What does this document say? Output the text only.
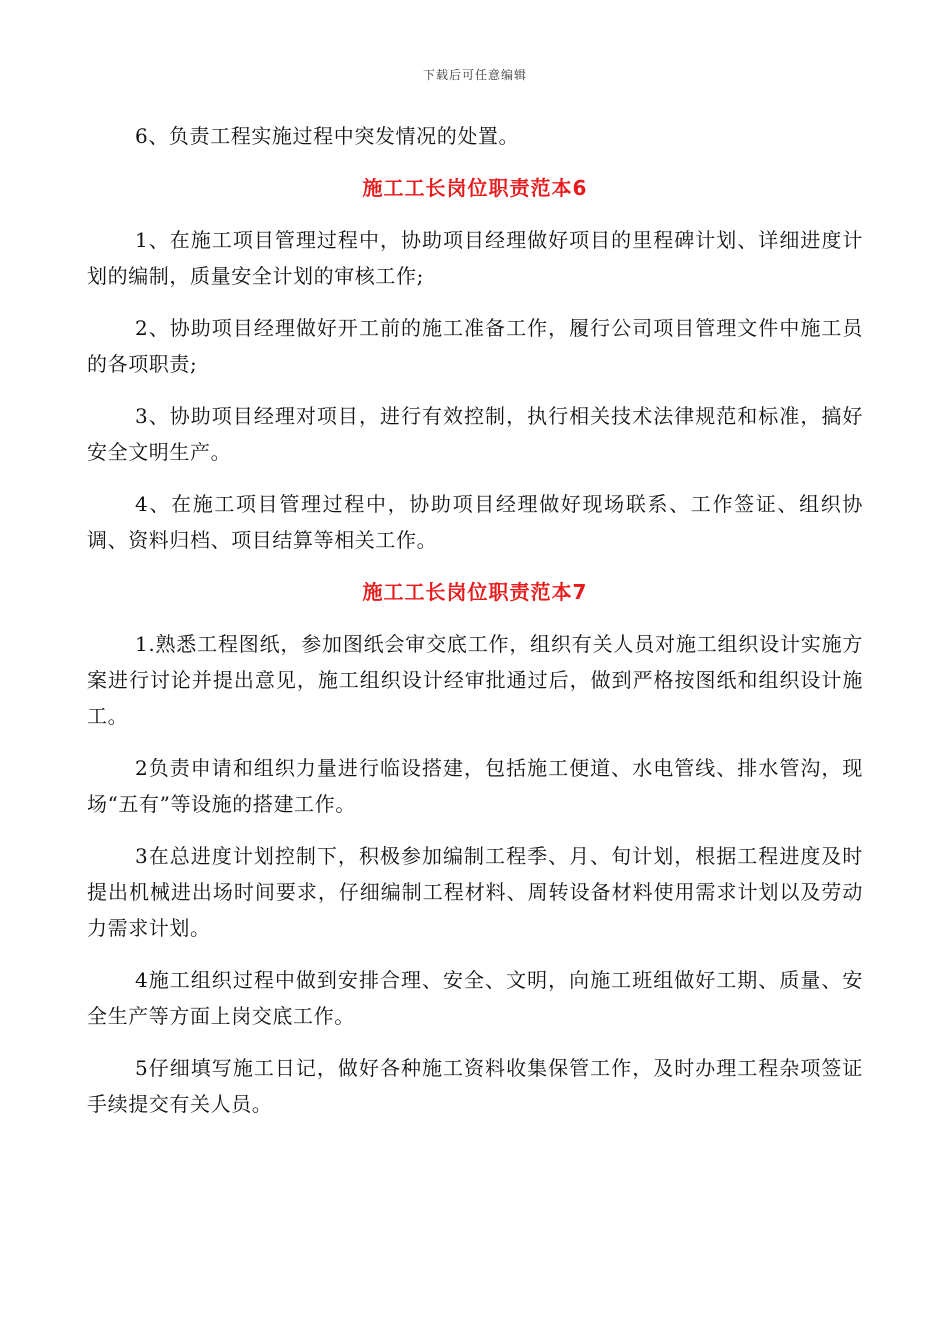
下载后可任意编辑

6、负责工程实施过程中突发情况的处置。

施工工长岗位职责范本6

1、在施工项目管理过程中，协助项目经理做好项目的里程碑计划、详细进度计划的编制，质量安全计划的审核工作;

2、协助项目经理做好开工前的施工准备工作，履行公司项目管理文件中施工员的各项职责;

3、协助项目经理对项目，进行有效控制，执行相关技术法律规范和标准，搞好安全文明生产。

4、在施工项目管理过程中，协助项目经理做好现场联系、工作签证、组织协调、资料归档、项目结算等相关工作。

施工工长岗位职责范本7

1.熟悉工程图纸，参加图纸会审交底工作，组织有关人员对施工组织设计实施方案进行讨论并提出意见，施工组织设计经审批通过后，做到严格按图纸和组织设计施工。

2负责申请和组织力量进行临设搭建，包括施工便道、水电管线、排水管沟，现场“五有”等设施的搭建工作。

3在总进度计划控制下，积极参加编制工程季、月、旬计划，根据工程进度及时提出机械进出场时间要求，仔细编制工程材料、周转设备材料使用需求计划以及劳动力需求计划。

4施工组织过程中做到安排合理、安全、文明，向施工班组做好工期、质量、安全生产等方面上岗交底工作。

5仔细填写施工日记，做好各种施工资料收集保管工作，及时办理工程杂项签证手续提交有关人员。
